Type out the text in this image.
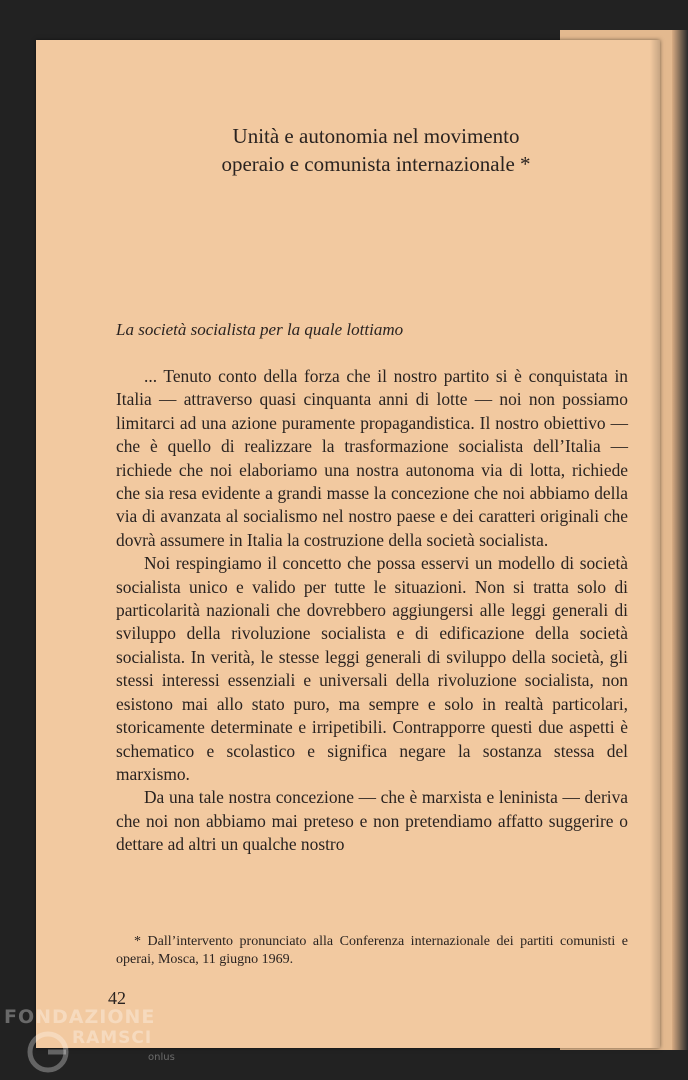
Unità e autonomia nel movimento
operaio e comunista internazionale *
La società socialista per la quale lottiamo

... Tenuto conto della forza che il nostro partito si è conquistata in Italia — attraverso quasi cinquanta anni di lotte — noi non possiamo limitarci ad una azione puramente propagandistica. Il nostro obiettivo — che è quello di realizzare la trasformazione socialista dell’Italia — richiede che noi elaboriamo una nostra autonoma via di lotta, richiede che sia resa evidente a grandi masse la concezione che noi abbiamo della via di avanzata al socialismo nel nostro paese e dei caratteri originali che dovrà assumere in Italia la costruzione della società socialista.

Noi respingiamo il concetto che possa esservi un modello di società socialista unico e valido per tutte le situazioni. Non si tratta solo di particolarità nazionali che dovrebbero aggiungersi alle leggi generali di sviluppo della rivoluzione socialista e di edificazione della società socialista. In verità, le stesse leggi generali di sviluppo della società, gli stessi interessi essenziali e universali della rivoluzione socialista, non esistono mai allo stato puro, ma sempre e solo in realtà particolari, storicamente determinate e irripetibili. Contrapporre questi due aspetti è schematico e scolastico e significa negare la sostanza stessa del marxismo.

Da una tale nostra concezione — che è marxista e leninista — deriva che noi non abbiamo mai preteso e non pretendiamo affatto suggerire o dettare ad altri un qualche nostro

* Dall’intervento pronunciato alla Conferenza internazionale dei partiti comunisti e operai, Mosca, 11 giugno 1969.
42
FONDAZIONE
RAMSCI
onlus
